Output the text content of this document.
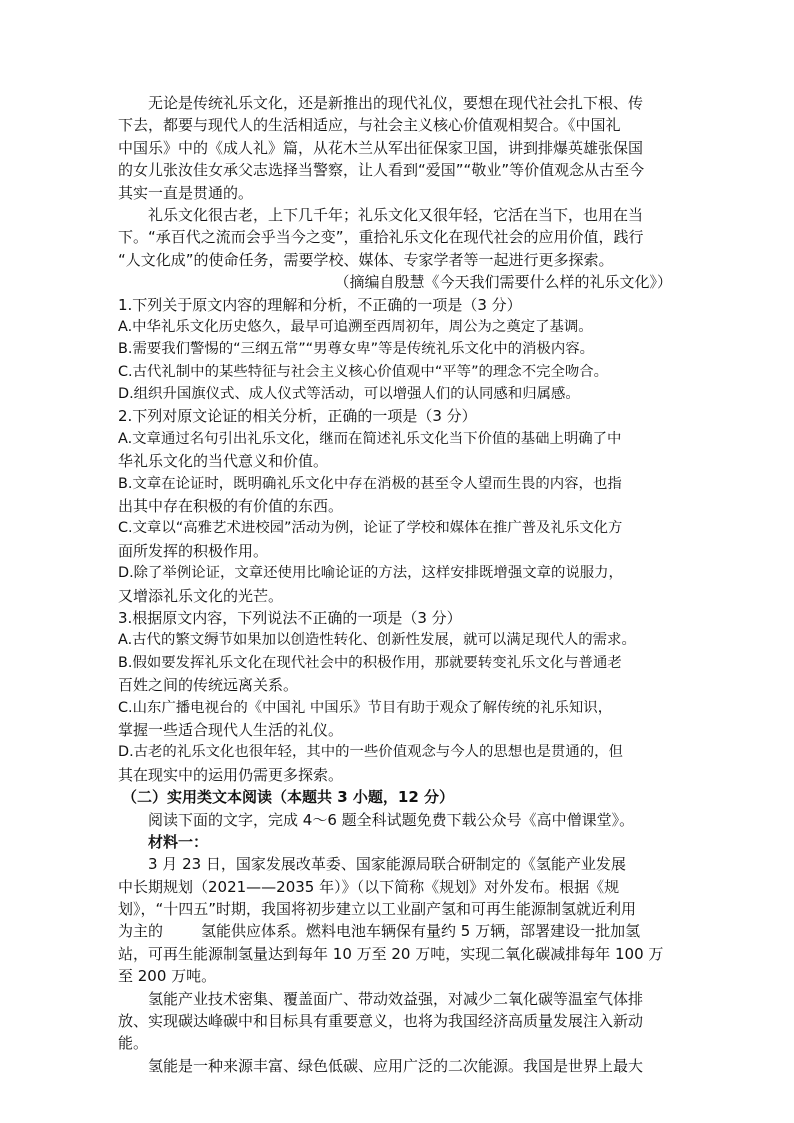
无论是传统礼乐文化，还是新推出的现代礼仪，要想在现代社会扎下根、传

下去，都要与现代人的生活相适应，与社会主义核心价值观相契合。《中国礼

中国乐》中的《成人礼》篇，从花木兰从军出征保家卫国，讲到排爆英雄张保国

的女儿张汝佳女承父志选择当警察，让人看到“爱国”“敬业”等价值观念从古至今

其实一直是贯通的。

礼乐文化很古老，上下几千年；礼乐文化又很年轻，它活在当下，也用在当

下。“承百代之流而会乎当今之变”，重拾礼乐文化在现代社会的应用价值，践行

“人文化成”的使命任务，需要学校、媒体、专家学者等一起进行更多探索。

（摘编自殷慧《今天我们需要什么样的礼乐文化》）

1.下列关于原文内容的理解和分析，不正确的一项是（3 分）

A.中华礼乐文化历史悠久，最早可追溯至西周初年，周公为之奠定了基调。

B.需要我们警惕的“三纲五常”“男尊女卑”等是传统礼乐文化中的消极内容。

C.古代礼制中的某些特征与社会主义核心价值观中“平等”的理念不完全吻合。

D.组织升国旗仪式、成人仪式等活动，可以增强人们的认同感和归属感。

2.下列对原文论证的相关分析，正确的一项是（3 分）

A.文章通过名句引出礼乐文化，继而在简述礼乐文化当下价值的基础上明确了中

华礼乐文化的当代意义和价值。

B.文章在论证时，既明确礼乐文化中存在消极的甚至令人望而生畏的内容，也指

出其中存在积极的有价值的东西。

C.文章以“高雅艺术进校园”活动为例，论证了学校和媒体在推广普及礼乐文化方

面所发挥的积极作用。

D.除了举例论证，文章还使用比喻论证的方法，这样安排既增强文章的说服力，

又增添礼乐文化的光芒。

3.根据原文内容，下列说法不正确的一项是（3 分）

A.古代的繁文缛节如果加以创造性转化、创新性发展，就可以满足现代人的需求。

B.假如要发挥礼乐文化在现代社会中的积极作用，那就要转变礼乐文化与普通老

百姓之间的传统远离关系。

C.山东广播电视台的《中国礼 中国乐》节目有助于观众了解传统的礼乐知识，

掌握一些适合现代人生活的礼仪。

D.古老的礼乐文化也很年轻，其中的一些价值观念与今人的思想也是贯通的，但

其在现实中的运用仍需更多探索。

（二）实用类文本阅读（本题共 3 小题，12 分）

阅读下面的文字，完成 4～6 题全科试题免费下载公众号《高中僧课堂》。

材料一：

3 月 23 日，国家发展改革委、国家能源局联合研制定的《氢能产业发展

中长期规划（2021——2035 年）》（以下简称《规划》对外发布。根据《规

划》，“十四五”时期，我国将初步建立以工业副产氢和可再生能源制氢就近利用

为主的	氢能供应体系。燃料电池车辆保有量约 5 万辆，部署建设一批加氢

站，可再生能源制氢量达到每年 10 万至 20 万吨，实现二氧化碳减排每年 100 万

至 200 万吨。

氢能产业技术密集、覆盖面广、带动效益强，对减少二氧化碳等温室气体排

放、实现碳达峰碳中和目标具有重要意义，也将为我国经济高质量发展注入新动

能。

氢能是一种来源丰富、绿色低碳、应用广泛的二次能源。我国是世界上最大
